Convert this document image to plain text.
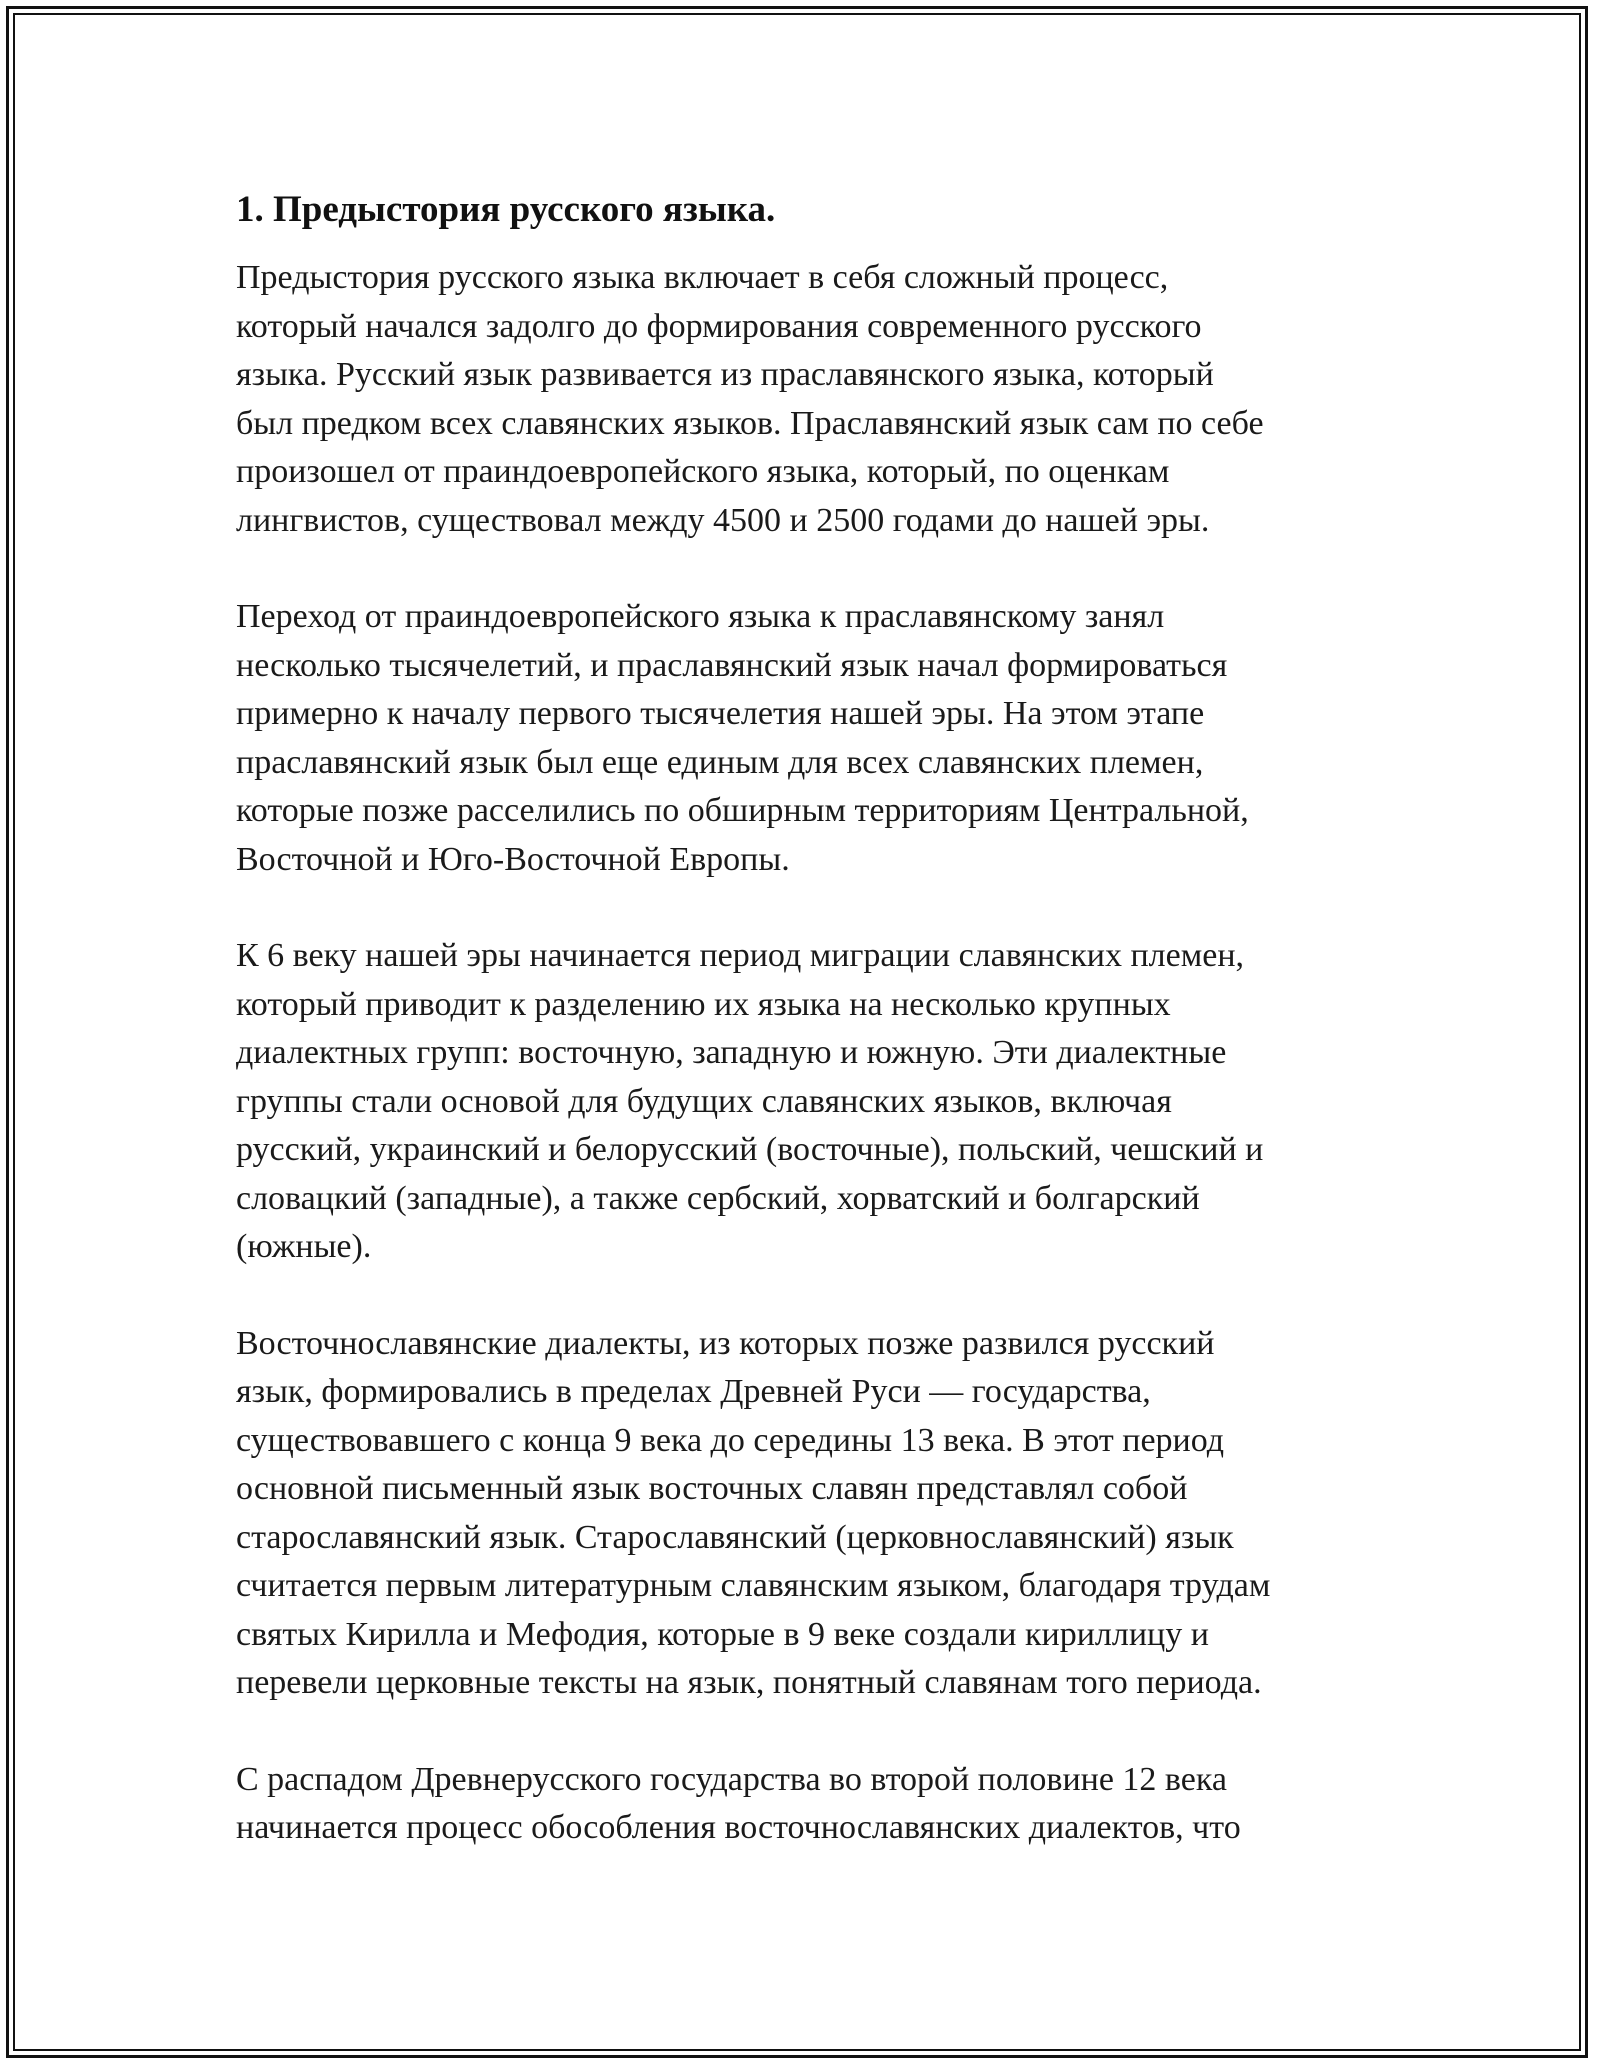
1. Предыстория русского языка.

Предыстория русского языка включает в себя сложный процесс,
который начался задолго до формирования современного русского
языка. Русский язык развивается из праславянского языка, который
был предком всех славянских языков. Праславянский язык сам по себе
произошел от праиндоевропейского языка, который, по оценкам
лингвистов, существовал между 4500 и 2500 годами до нашей эры.

Переход от праиндоевропейского языка к праславянскому занял
несколько тысячелетий, и праславянский язык начал формироваться
примерно к началу первого тысячелетия нашей эры. На этом этапе
праславянский язык был еще единым для всех славянских племен,
которые позже расселились по обширным территориям Центральной,
Восточной и Юго-Восточной Европы.

К 6 веку нашей эры начинается период миграции славянских племен,
который приводит к разделению их языка на несколько крупных
диалектных групп: восточную, западную и южную. Эти диалектные
группы стали основой для будущих славянских языков, включая
русский, украинский и белорусский (восточные), польский, чешский и
словацкий (западные), а также сербский, хорватский и болгарский
(южные).

Восточнославянские диалекты, из которых позже развился русский
язык, формировались в пределах Древней Руси — государства,
существовавшего с конца 9 века до середины 13 века. В этот период
основной письменный язык восточных славян представлял собой
старославянский язык. Старославянский (церковнославянский) язык
считается первым литературным славянским языком, благодаря трудам
святых Кирилла и Мефодия, которые в 9 веке создали кириллицу и
перевели церковные тексты на язык, понятный славянам того периода.

С распадом Древнерусского государства во второй половине 12 века
начинается процесс обособления восточнославянских диалектов, что
